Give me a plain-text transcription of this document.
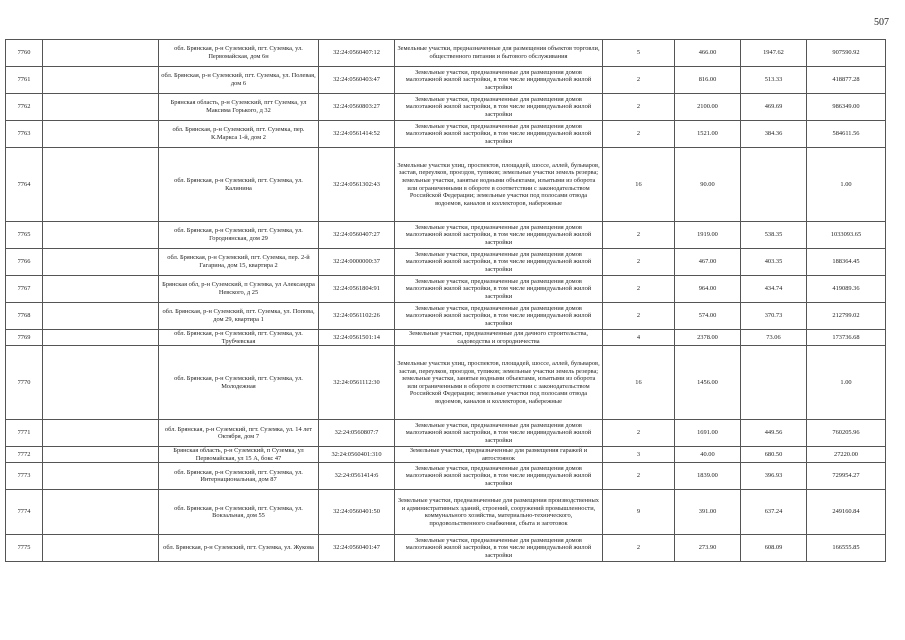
507
7760		обл. Брянская, р-н Суземский, пгт. Суземка, ул. Первомайская, дом 6н	32:24:0560407:12	Земельные участки, предназначенные для размещения объектов торговли, общественного питания и бытового обслуживания	5	466.00	1947.62	907590.92
7761		обл. Брянская, р-н Суземский, пгт. Суземка, ул. Полевая, дом 6	32:24:0560403:47	Земельные участки, предназначенные для размещения домов малоэтажной жилой застройки, в том числе индивидуальной жилой застройки	2	816.00	513.33	418877.28
7762		Брянская область, р-н Суземский, пгт Суземка, ул Максима Горького, д 32	32:24:0560803:27	Земельные участки, предназначенные для размещения домов малоэтажной жилой застройки, в том числе индивидуальной жилой застройки	2	2100.00	469.69	986349.00
7763		обл. Брянская, р-н Суземский, пгт. Суземка, пер. К.Маркса 1-й, дом 2	32:24:0561414:52	Земельные участки, предназначенные для размещения домов малоэтажной жилой застройки, в том числе индивидуальной жилой застройки	2	1521.00	384.36	584611.56
7764		обл. Брянская, р-н Суземский, пгт. Суземка, ул. Калинина	32:24:0561302:43	Земельные участки улиц, проспектов, площадей, шоссе, аллей, бульваров, застав, переулков, проездов, тупиков; земельные участки земель резерва; земельные участки, занятые водными объектами, изъятыми из оборота или ограниченными в обороте в соответствии с законодательством Российской Федерации; земельные участки под полосами отвода водоемов, каналов и коллекторов, набережные	16	90.00		1.00
7765		обл. Брянская, р-н Суземский, пгт. Суземка, ул. Городнянская, дом 29	32:24:0560407:27	Земельные участки, предназначенные для размещения домов малоэтажной жилой застройки, в том числе индивидуальной жилой застройки	2	1919.00	538.35	1033093.65
7766		обл. Брянская, р-н Суземский, пгт. Суземка, пер. 2-й Гагарина, дом 15, квартира 2	32:24:0000000:37	Земельные участки, предназначенные для размещения домов малоэтажной жилой застройки, в том числе индивидуальной жилой застройки	2	467.00	403.35	188364.45
7767		Брянская обл, р-н Суземский, п Суземка, ул Александра Невского, д 25	32:24:0561804:91	Земельные участки, предназначенные для размещения домов малоэтажной жилой застройки, в том числе индивидуальной жилой застройки	2	964.00	434.74	419089.36
7768		обл. Брянская, р-н Суземский, пгт. Суземка, ул. Попова, дом 29, квартира 1	32:24:0561102:26	Земельные участки, предназначенные для размещения домов малоэтажной жилой застройки, в том числе индивидуальной жилой застройки	2	574.00	370.73	212799.02
7769		обл. Брянская, р-н Суземский, пгт. Суземка, ул. Трубчевская	32:24:0561501:14	Земельные участки, предназначенные для дачного строительства, садоводства и огородничества	4	2378.00	73.06	173736.68
7770		обл. Брянская, р-н Суземский, пгт. Суземка, ул. Молодежная	32:24:0561112:30	Земельные участки улиц, проспектов, площадей, шоссе, аллей, бульваров, застав, переулков, проездов, тупиков; земельные участки земель резерва; земельные участки, занятые водными объектами, изъятыми из оборота или ограниченными в обороте в соответствии с законодательством Российской Федерации; земельные участки под полосами отвода водоемов, каналов и коллекторов, набережные	16	1456.00		1.00
7771		обл. Брянская, р-н Суземский, пгт. Суземка, ул. 14 лет Октября, дом 7	32:24:0560807:7	Земельные участки, предназначенные для размещения домов малоэтажной жилой застройки, в том числе индивидуальной жилой застройки	2	1691.00	449.56	760205.96
7772		Брянская область, р-н Суземский, п Суземка, ул Первомайская, ул 15 А, бокс 47	32:24:0560401:310	Земельные участки, предназначенные для размещения гаражей и автостоянок	3	40.00	680.50	27220.00
7773		обл. Брянская, р-н Суземский, пгт. Суземка, ул. Интернациональная, дом 87	32:24:0561414:6	Земельные участки, предназначенные для размещения домов малоэтажной жилой застройки, в том числе индивидуальной жилой застройки	2	1839.00	396.93	729954.27
7774		обл. Брянская, р-н Суземский, пгт. Суземка, ул. Вокзальная, дом 55	32:24:0560401:50	Земельные участки, предназначенные для размещения производственных и административных зданий, строений, сооружений промышленности, коммунального хозяйства, материально-технического, продовольственного снабжения, сбыта и заготовок	9	391.00	637.24	249160.84
7775		обл. Брянская, р-н Суземский, пгт. Суземка, ул. Жукова	32:24:0560401:47	Земельные участки, предназначенные для размещения домов малоэтажной жилой застройки, в том числе индивидуальной жилой застройки	2	273.90	608.09	166555.85
